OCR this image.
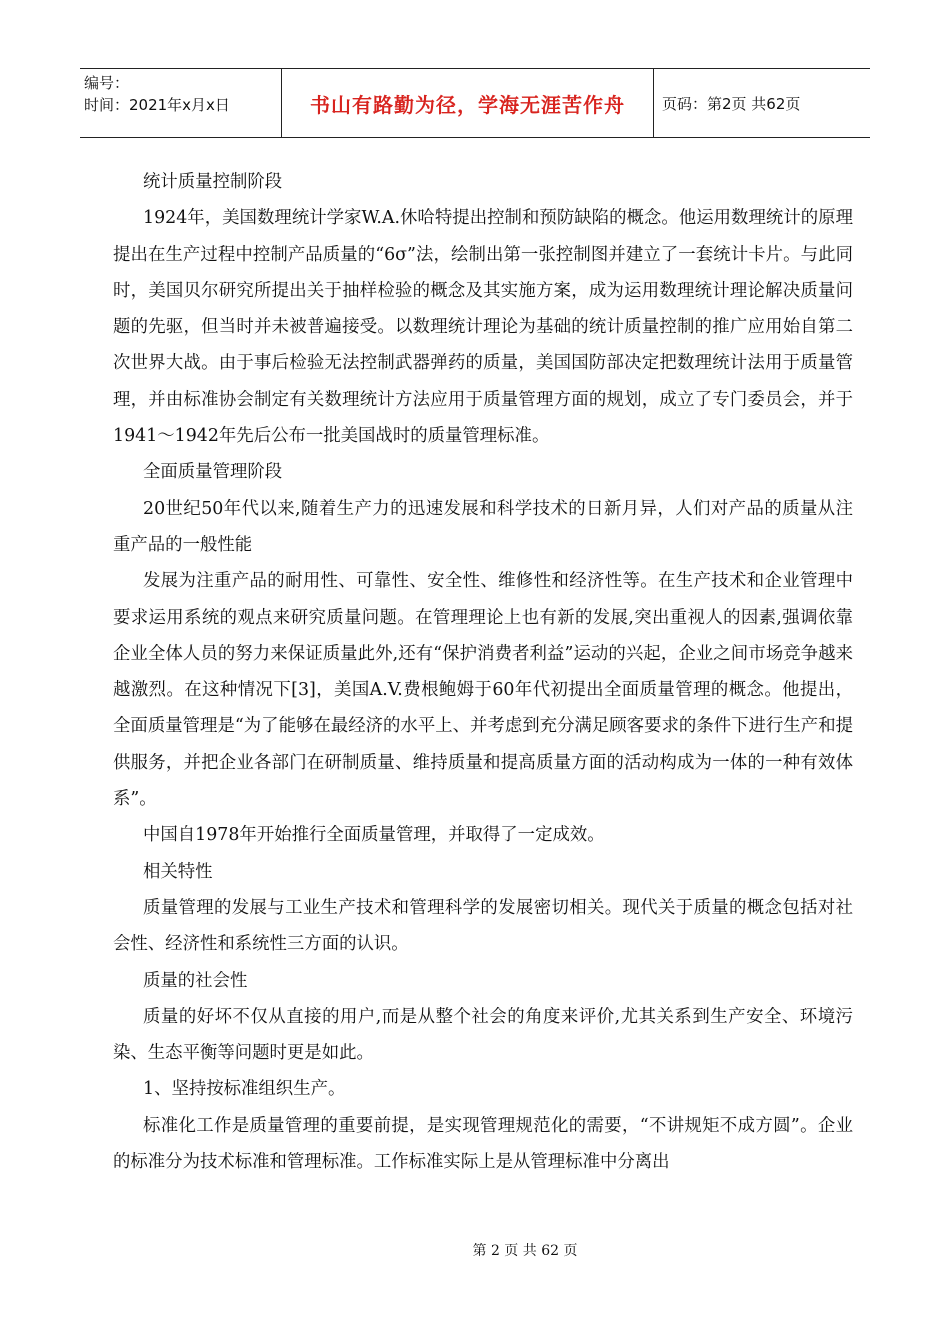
编号：
时间：2021年x月x日	书山有路勤为径，学海无涯苦作舟	页码：第2页 共62页

统计质量控制阶段

1924年，美国数理统计学家W.A.休哈特提出控制和预防缺陷的概念。他运用数理统计的原理提出在生产过程中控制产品质量的“6σ”法，绘制出第一张控制图并建立了一套统计卡片。与此同时，美国贝尔研究所提出关于抽样检验的概念及其实施方案，成为运用数理统计理论解决质量问题的先驱，但当时并未被普遍接受。以数理统计理论为基础的统计质量控制的推广应用始自第二次世界大战。由于事后检验无法控制武器弹药的质量，美国国防部决定把数理统计法用于质量管理，并由标准协会制定有关数理统计方法应用于质量管理方面的规划，成立了专门委员会，并于1941～1942年先后公布一批美国战时的质量管理标准。

全面质量管理阶段

20世纪50年代以来,随着生产力的迅速发展和科学技术的日新月异，人们对产品的质量从注重产品的一般性能

发展为注重产品的耐用性、可靠性、安全性、维修性和经济性等。在生产技术和企业管理中要求运用系统的观点来研究质量问题。在管理理论上也有新的发展,突出重视人的因素,强调依靠企业全体人员的努力来保证质量此外,还有“保护消费者利益”运动的兴起，企业之间市场竞争越来越激烈。在这种情况下[3]，美国A.V.费根鲍姆于60年代初提出全面质量管理的概念。他提出，全面质量管理是“为了能够在最经济的水平上、并考虑到充分满足顾客要求的条件下进行生产和提供服务，并把企业各部门在研制质量、维持质量和提高质量方面的活动构成为一体的一种有效体系”。

中国自1978年开始推行全面质量管理，并取得了一定成效。

相关特性

质量管理的发展与工业生产技术和管理科学的发展密切相关。现代关于质量的概念包括对社会性、经济性和系统性三方面的认识。

质量的社会性

质量的好坏不仅从直接的用户,而是从整个社会的角度来评价,尤其关系到生产安全、环境污染、生态平衡等问题时更是如此。

1、坚持按标准组织生产。

标准化工作是质量管理的重要前提，是实现管理规范化的需要，“不讲规矩不成方圆”。企业的标准分为技术标准和管理标准。工作标准实际上是从管理标准中分离出

第 2 页 共 62 页
